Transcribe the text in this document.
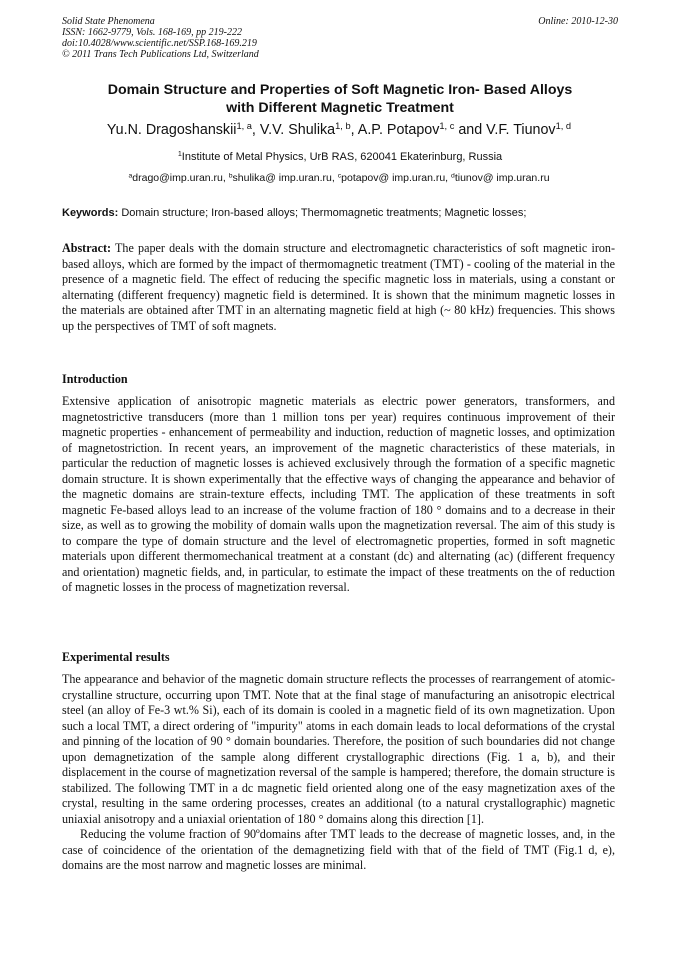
Solid State Phenomena
ISSN: 1662-9779, Vols. 168-169, pp 219-222
doi:10.4028/www.scientific.net/SSP.168-169.219
© 2011 Trans Tech Publications Ltd, Switzerland
Online: 2010-12-30
Domain Structure and Properties of Soft Magnetic Iron- Based Alloys
with Different Magnetic Treatment
Yu.N. Dragoshanskii$^{1, a}$, V.V. Shulika$^{1, b}$, A.P. Potapov$^{1, c}$ and V.F. Tiunov$^{1, d}$
$^1$Institute of Metal Physics, UrB RAS, 620041 Ekaterinburg, Russia
$^a$drago@imp.uran.ru, $^b$shulika@ imp.uran.ru, $^c$potapov@ imp.uran.ru, $^d$tiunov@ imp.uran.ru
Keywords: Domain structure; Iron-based alloys; Thermomagnetic treatments; Magnetic losses;
Abstract: The paper deals with the domain structure and electromagnetic characteristics of soft magnetic iron-based alloys, which are formed by the impact of thermomagnetic treatment (TMT) - cooling of the material in the presence of a magnetic field. The effect of reducing the specific magnetic loss in materials, using a constant or alternating (different frequency) magnetic field is determined. It is shown that the minimum magnetic losses in the materials are obtained after TMT in an alternating magnetic field at high (~ 80 kHz) frequencies. This shows up the perspectives of TMT of soft magnets.
Introduction
Extensive application of anisotropic magnetic materials as electric power generators, transformers, and magnetostrictive transducers (more than 1 million tons per year) requires continuous improvement of their magnetic properties - enhancement of permeability and induction, reduction of magnetic losses, and optimization of magnetostriction. In recent years, an improvement of the magnetic characteristics of these materials, in particular the reduction of magnetic losses is achieved exclusively through the formation of a specific magnetic domain structure. It is shown experimentally that the effective ways of changing the appearance and behavior of the magnetic domains are strain-texture effects, including TMT. The application of these treatments in soft magnetic Fe-based alloys lead to an increase of the volume fraction of 180 ° domains and to a decrease in their size, as well as to growing the mobility of domain walls upon the magnetization reversal. The aim of this study is to compare the type of domain structure and the level of electromagnetic properties, formed in soft magnetic materials upon different thermomechanical treatment at a constant (dc) and alternating (ac) (different frequency and orientation) magnetic fields, and, in particular, to estimate the impact of these treatments on the of reduction of magnetic losses in the process of magnetization reversal.
Experimental results

The appearance and behavior of the magnetic domain structure reflects the processes of rearrangement of atomic-crystalline structure, occurring upon TMT. Note that at the final stage of manufacturing an anisotropic electrical steel (an alloy of Fe-3 wt.% Si), each of its domain is cooled in a magnetic field of its own magnetization. Upon such a local TMT, a direct ordering of "impurity" atoms in each domain leads to local deformations of the crystal and pinning of the location of 90 ° domain boundaries. Therefore, the position of such boundaries did not change upon demagnetization of the sample along different crystallographic directions (Fig. 1 a, b), and their displacement in the course of magnetization reversal of the sample is hampered; therefore, the domain structure is stabilized. The following TMT in a dc magnetic field oriented along one of the easy magnetization axes of the crystal, resulting in the same ordering processes, creates an additional (to a natural crystallographic) magnetic uniaxial anisotropy and a uniaxial orientation of 180 ° domains along this direction [1].

Reducing the volume fraction of 90ºdomains after TMT leads to the decrease of magnetic losses, and, in the case of coincidence of the orientation of the demagnetizing field with that of the field of TMT (Fig.1 d, e), domains are the most narrow and magnetic losses are minimal.
